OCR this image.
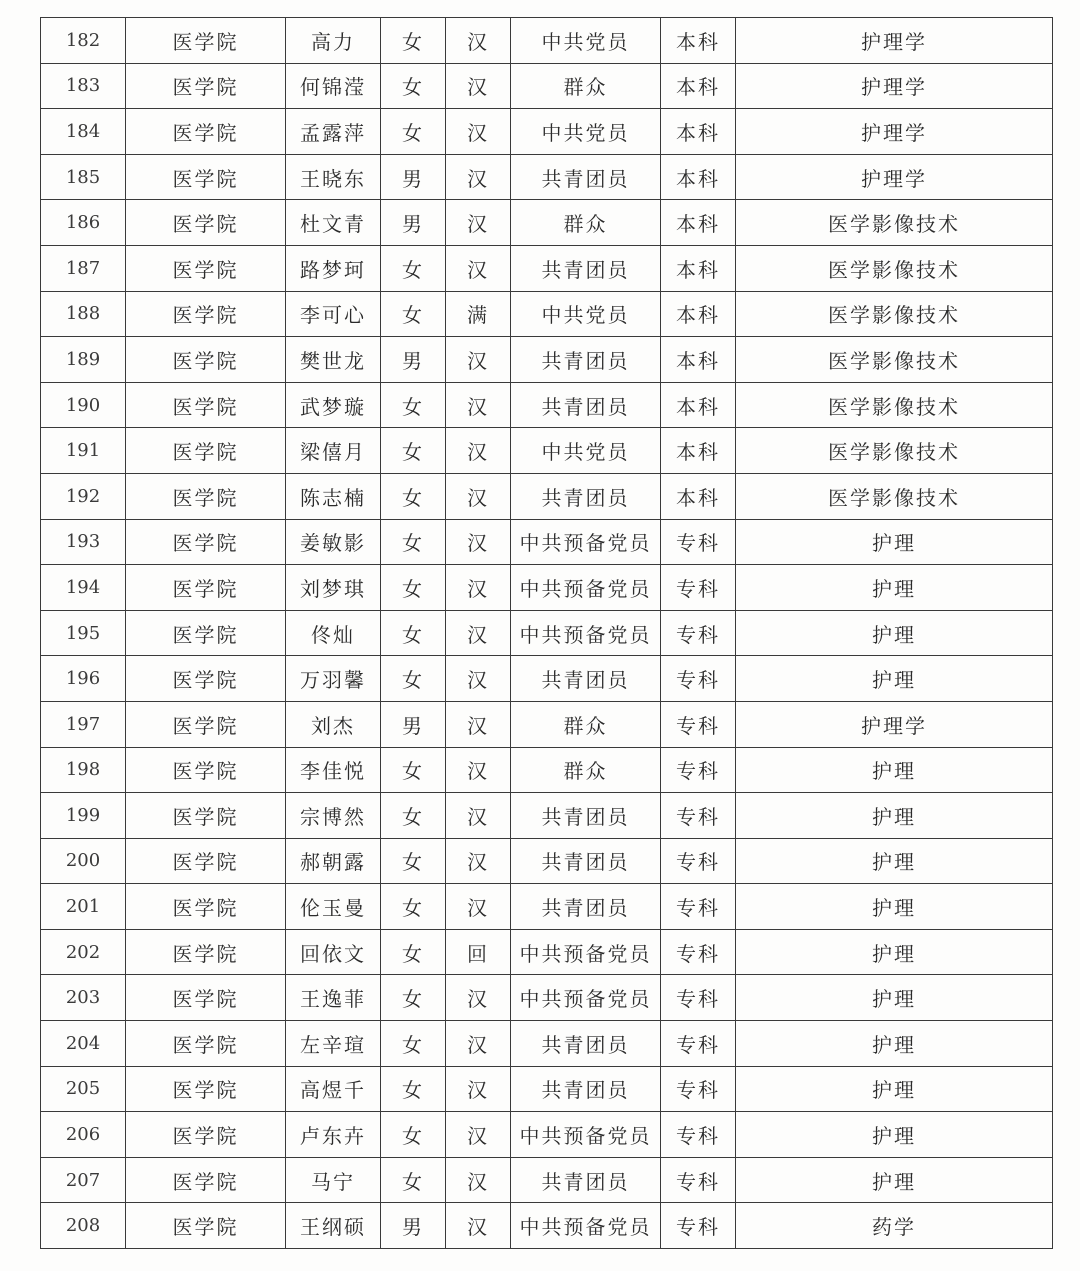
182	医学院	高力	女	汉	中共党员	本科	护理学
183	医学院	何锦滢	女	汉	群众	本科	护理学
184	医学院	孟露萍	女	汉	中共党员	本科	护理学
185	医学院	王晓东	男	汉	共青团员	本科	护理学
186	医学院	杜文青	男	汉	群众	本科	医学影像技术
187	医学院	路梦珂	女	汉	共青团员	本科	医学影像技术
188	医学院	李可心	女	满	中共党员	本科	医学影像技术
189	医学院	樊世龙	男	汉	共青团员	本科	医学影像技术
190	医学院	武梦璇	女	汉	共青团员	本科	医学影像技术
191	医学院	梁僖月	女	汉	中共党员	本科	医学影像技术
192	医学院	陈志楠	女	汉	共青团员	本科	医学影像技术
193	医学院	姜敏影	女	汉	中共预备党员	专科	护理
194	医学院	刘梦琪	女	汉	中共预备党员	专科	护理
195	医学院	佟灿	女	汉	中共预备党员	专科	护理
196	医学院	万羽馨	女	汉	共青团员	专科	护理
197	医学院	刘杰	男	汉	群众	专科	护理学
198	医学院	李佳悦	女	汉	群众	专科	护理
199	医学院	宗博然	女	汉	共青团员	专科	护理
200	医学院	郝朝露	女	汉	共青团员	专科	护理
201	医学院	伦玉曼	女	汉	共青团员	专科	护理
202	医学院	回依文	女	回	中共预备党员	专科	护理
203	医学院	王逸菲	女	汉	中共预备党员	专科	护理
204	医学院	左辛瑄	女	汉	共青团员	专科	护理
205	医学院	高煜千	女	汉	共青团员	专科	护理
206	医学院	卢东卉	女	汉	中共预备党员	专科	护理
207	医学院	马宁	女	汉	共青团员	专科	护理
208	医学院	王纲硕	男	汉	中共预备党员	专科	药学
